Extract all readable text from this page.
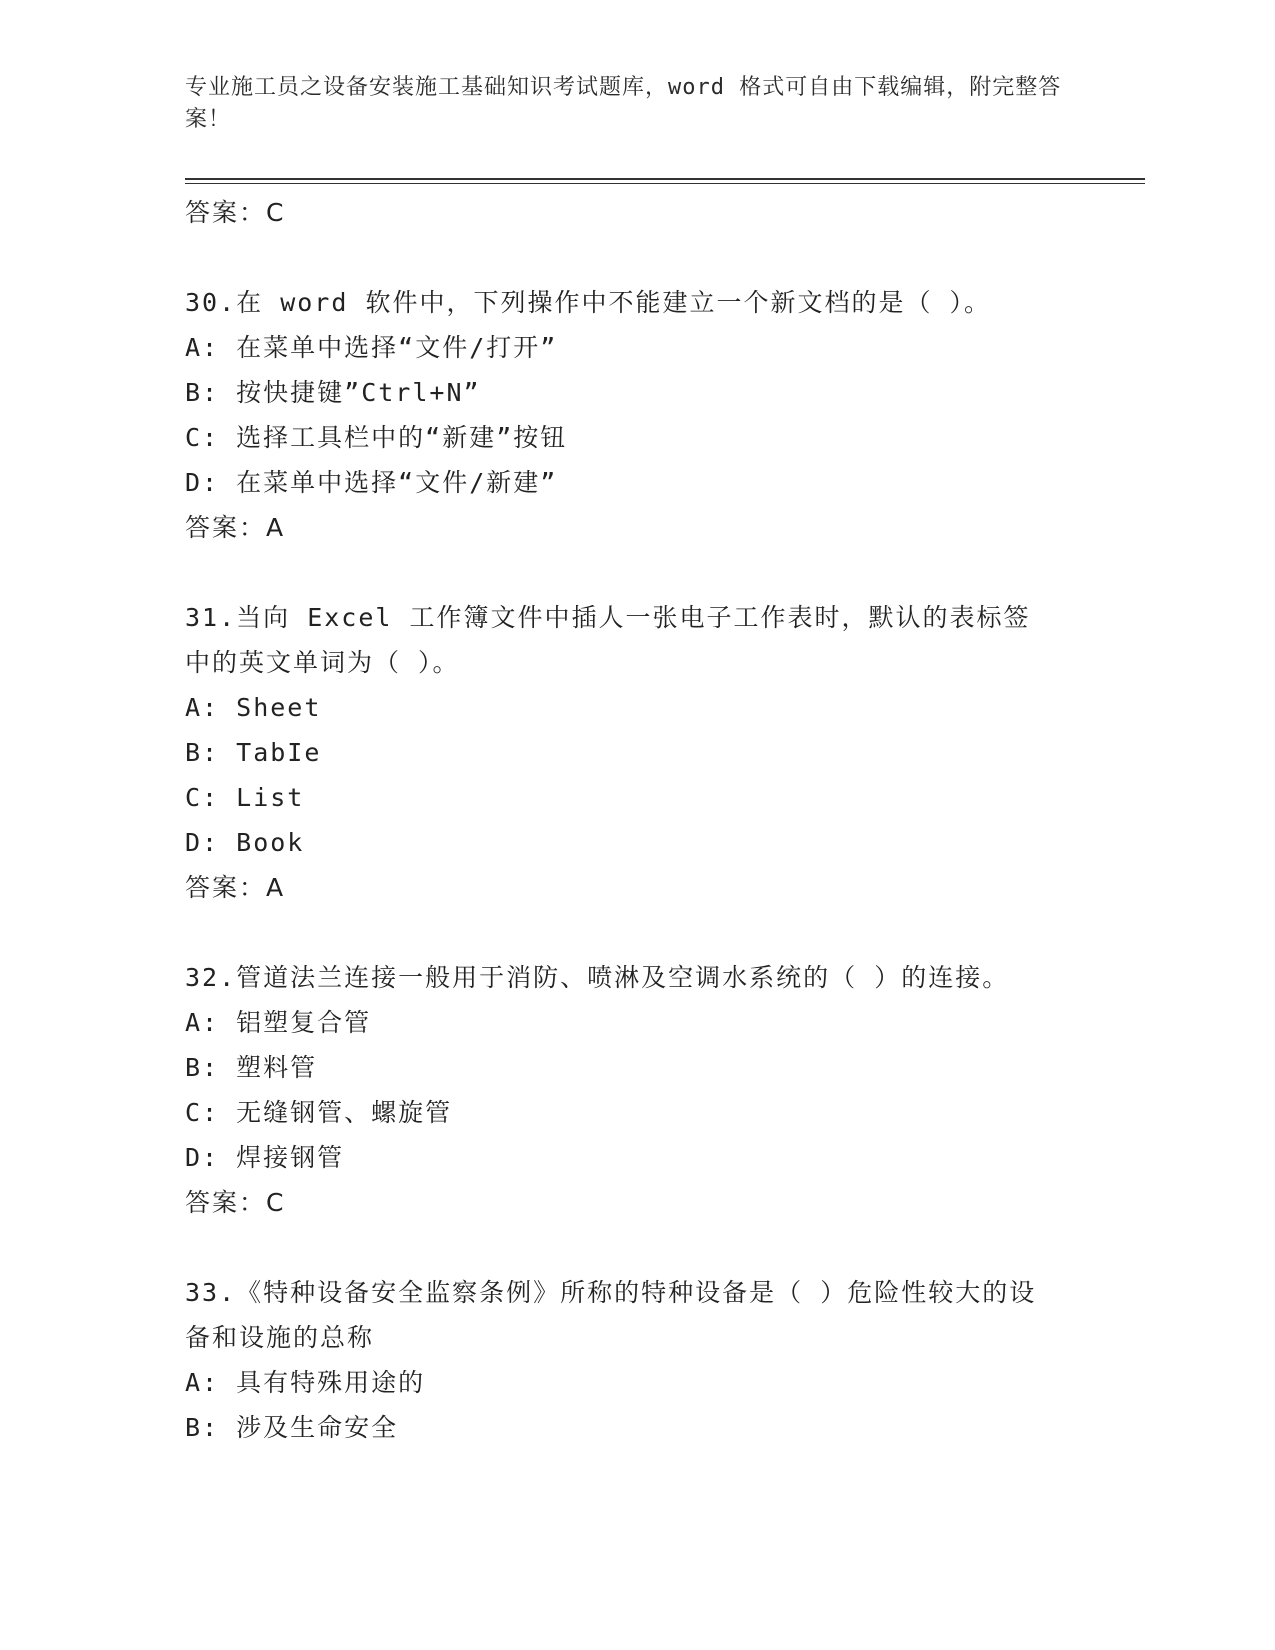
专业施工员之设备安装施工基础知识考试题库，word 格式可自由下载编辑，附完整答案！
答案：C
30.在 word 软件中，下列操作中不能建立一个新文档的是（ ）。
A: 在菜单中选择“文件/打开”
B: 按快捷键”Ctrl+N”
C: 选择工具栏中的“新建”按钮
D: 在菜单中选择“文件/新建”
答案：A
31.当向 Excel 工作簿文件中插人一张电子工作表时，默认的表标签中的英文单词为（ ）。
A: Sheet
B: TabIe
C: List
D: Book
答案：A
32.管道法兰连接一般用于消防、喷淋及空调水系统的（ ）的连接。
A: 铝塑复合管
B: 塑料管
C: 无缝钢管、螺旋管
D: 焊接钢管
答案：C
33.《特种设备安全监察条例》所称的特种设备是（ ）危险性较大的设备和设施的总称
A: 具有特殊用途的
B: 涉及生命安全
